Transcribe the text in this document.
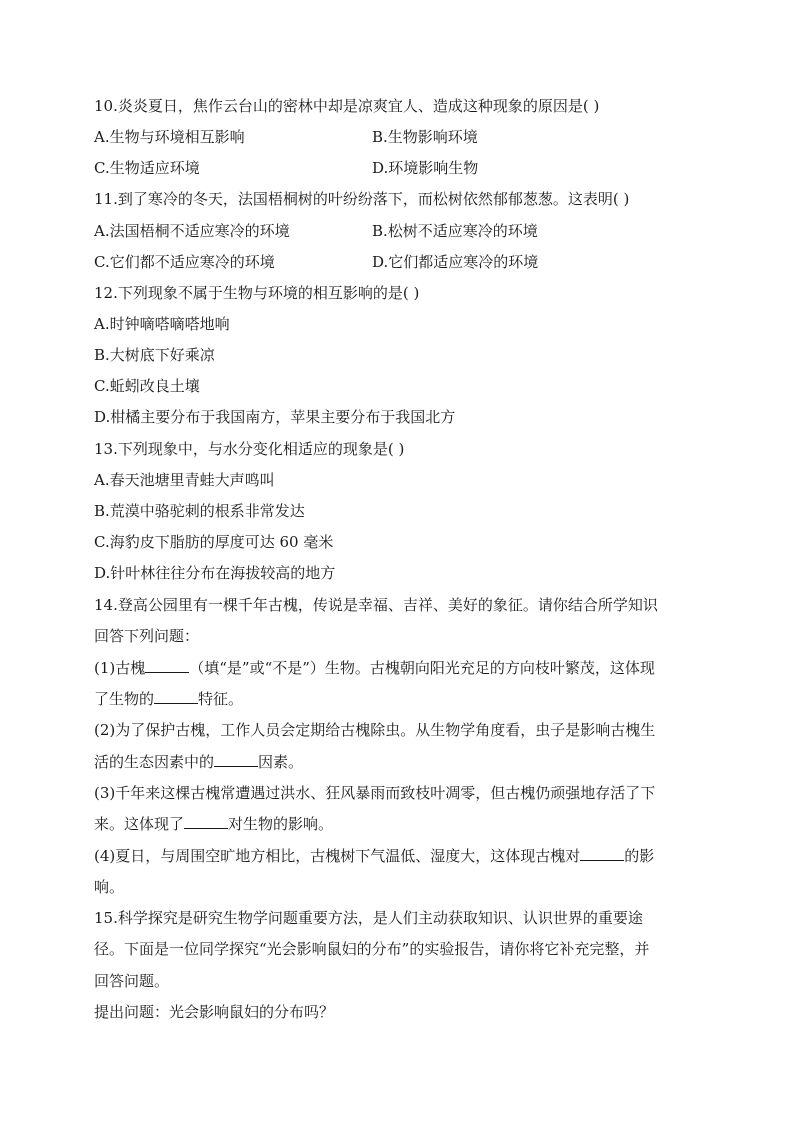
10.炎炎夏日，焦作云台山的密林中却是凉爽宜人、造成这种现象的原因是( )
A.生物与环境相互影响	B.生物影响环境
C.生物适应环境	D.环境影响生物
11.到了寒冷的冬天，法国梧桐树的叶纷纷落下，而松树依然郁郁葱葱。这表明( )
A.法国梧桐不适应寒冷的环境	B.松树不适应寒冷的环境
C.它们都不适应寒冷的环境	D.它们都适应寒冷的环境
12.下列现象不属于生物与环境的相互影响的是( )
A.时钟嘀嗒嘀嗒地响
B.大树底下好乘凉
C.蚯蚓改良土壤
D.柑橘主要分布于我国南方，苹果主要分布于我国北方
13.下列现象中，与水分变化相适应的现象是( )
A.春天池塘里青蛙大声鸣叫
B.荒漠中骆驼刺的根系非常发达
C.海豹皮下脂肪的厚度可达 60 毫米
D.针叶林往往分布在海拔较高的地方
14.登高公园里有一棵千年古槐，传说是幸福、吉祥、美好的象征。请你结合所学知识
回答下列问题：
(1)古槐	（填“是”或“不是”）生物。古槐朝向阳光充足的方向枝叶繁茂，这体现
了生物的	特征。
(2)为了保护古槐，工作人员会定期给古槐除虫。从生物学角度看，虫子是影响古槐生
活的生态因素中的	因素。
(3)千年来这棵古槐常遭遇过洪水、狂风暴雨而致枝叶凋零，但古槐仍顽强地存活了下
来。这体现了	对生物的影响。
(4)夏日，与周围空旷地方相比，古槐树下气温低、湿度大，这体现古槐对	的影
响。
15.科学探究是研究生物学问题重要方法，是人们主动获取知识、认识世界的重要途
径。下面是一位同学探究“光会影响鼠妇的分布”的实验报告，请你将它补充完整，并
回答问题。
提出问题：光会影响鼠妇的分布吗？
